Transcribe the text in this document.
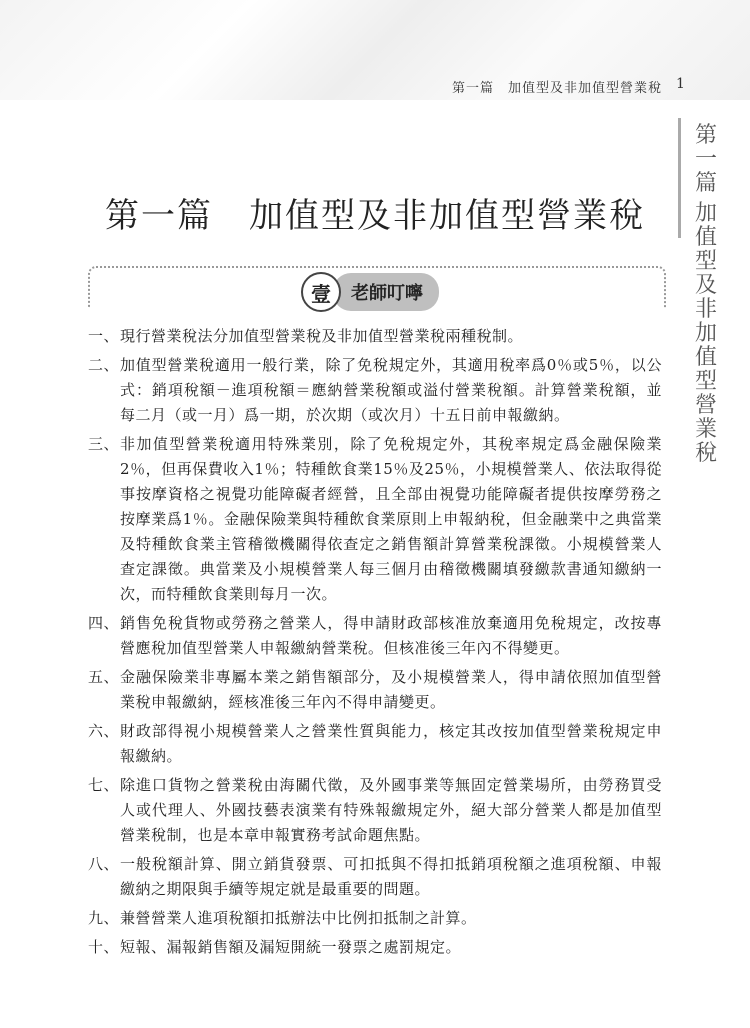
第一篇　加值型及非加值型營業稅 1
第一篇
加值型及非加值型營業稅
第一篇　加值型及非加值型營業稅
壹	老師叮嚀
一、 現行營業稅法分加值型營業稅及非加值型營業稅兩種稅制。
二、 加值型營業稅適用一般行業，除了免稅規定外，其適用稅率爲0％或5％，以公式：銷項稅額－進項稅額＝應納營業稅額或溢付營業稅額。計算營業稅額，並每二月（或一月）爲一期，於次期（或次月）十五日前申報繳納。
三、 非加值型營業稅適用特殊業別，除了免稅規定外，其稅率規定爲金融保險業2％，但再保費收入1％；特種飲食業15％及25％，小規模營業人、依法取得從事按摩資格之視覺功能障礙者經營，且全部由視覺功能障礙者提供按摩勞務之按摩業爲1％。金融保險業與特種飲食業原則上申報納稅，但金融業中之典當業及特種飲食業主管稽徵機關得依查定之銷售額計算營業稅課徵。小規模營業人查定課徵。典當業及小規模營業人每三個月由稽徵機關填發繳款書通知繳納一次，而特種飲食業則每月一次。
四、 銷售免稅貨物或勞務之營業人，得申請財政部核准放棄適用免稅規定，改按專營應稅加值型營業人申報繳納營業稅。但核准後三年內不得變更。
五、 金融保險業非專屬本業之銷售額部分，及小規模營業人，得申請依照加值型營業稅申報繳納，經核准後三年內不得申請變更。
六、 財政部得視小規模營業人之營業性質與能力，核定其改按加值型營業稅規定申報繳納。
七、 除進口貨物之營業稅由海關代徵，及外國事業等無固定營業場所，由勞務買受人或代理人、外國技藝表演業有特殊報繳規定外，絕大部分營業人都是加值型營業稅制，也是本章申報實務考試命題焦點。
八、 一般稅額計算、開立銷貨發票、可扣抵與不得扣抵銷項稅額之進項稅額、申報繳納之期限與手續等規定就是最重要的問題。
九、 兼營營業人進項稅額扣抵辦法中比例扣抵制之計算。
十、 短報、漏報銷售額及漏短開統一發票之處罰規定。
